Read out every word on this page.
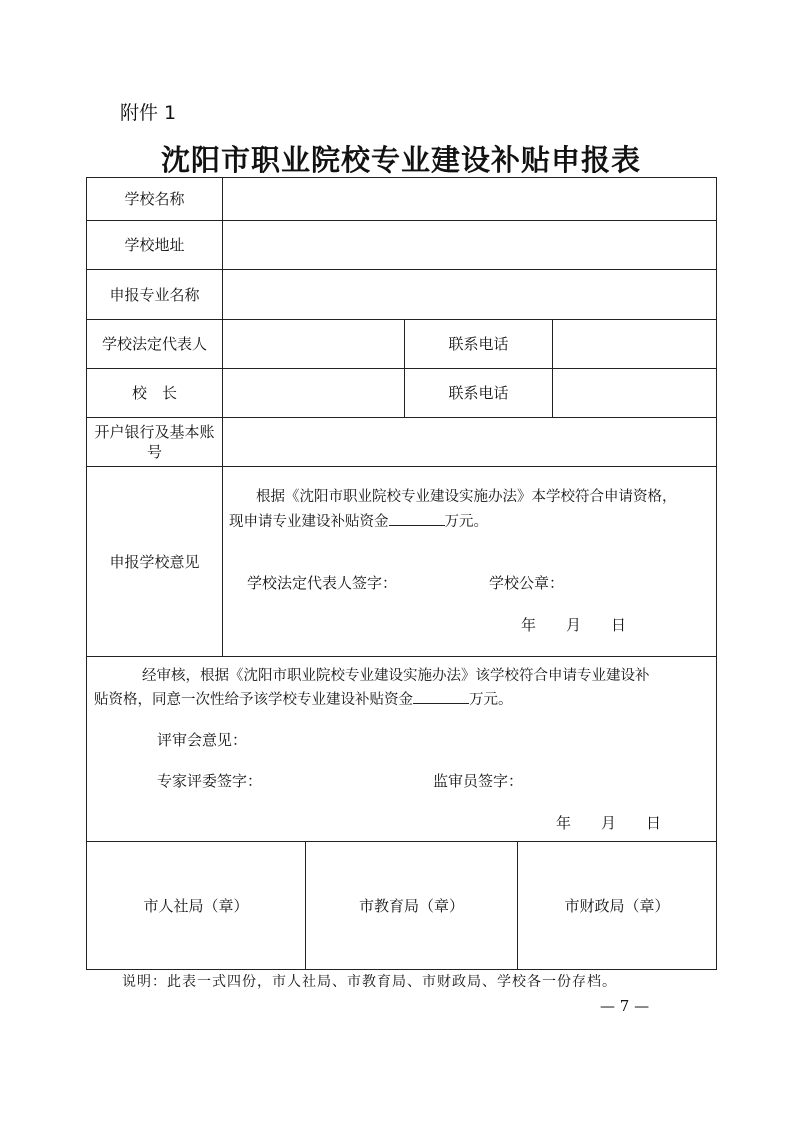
附件 1
沈阳市职业院校专业建设补贴申报表
学校名称
学校地址
申报专业名称
学校法定代表人	联系电话
校　长	联系电话
开户银行及基本账号
申报学校意见
根据《沈阳市职业院校专业建设实施办法》本学校符合申请资格，
现申请专业建设补贴资金	万元。
学校法定代表人签字：	学校公章：
年　　月　　日
经审核，根据《沈阳市职业院校专业建设实施办法》该学校符合申请专业建设补
贴资格，同意一次性给予该学校专业建设补贴资金	万元。
评审会意见：
专家评委签字：	监审员签字：
年　　月　　日
市人社局（章）	市教育局（章）	市财政局（章）
说明：此表一式四份，市人社局、市教育局、市财政局、学校各一份存档。
— 7 —
